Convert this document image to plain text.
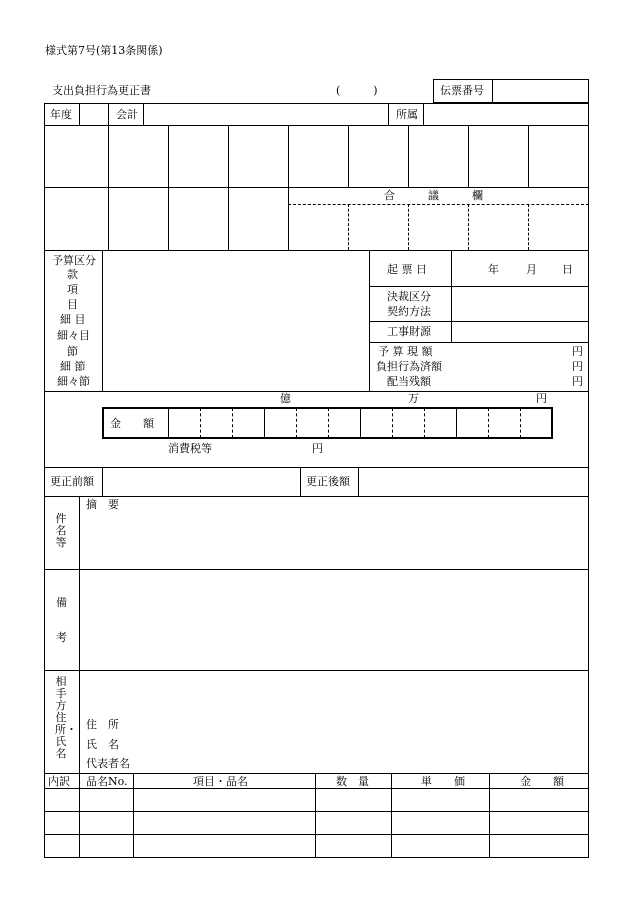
様式第7号(第13条関係)
支出負担行為更正書	(　　　)	伝票番号
年度	会計	所属
合　　　議　　　欄
予算区分
款
項
目
細 目
細々目
節
細 節
細々節
起 票 日	年 月 日
決裁区分
契約方法
工事財源
予 算 現 額	円
負担行為済額	円
配当残額	円
億	万	円
金　　額
消費税等	円
更正前額	更正後額
件名等
摘　要
備
考
相手方住所・氏名
住　所
氏　名
代表者名
内訳 品名No.	項目・品名	数　量	単　　価	金　　額
